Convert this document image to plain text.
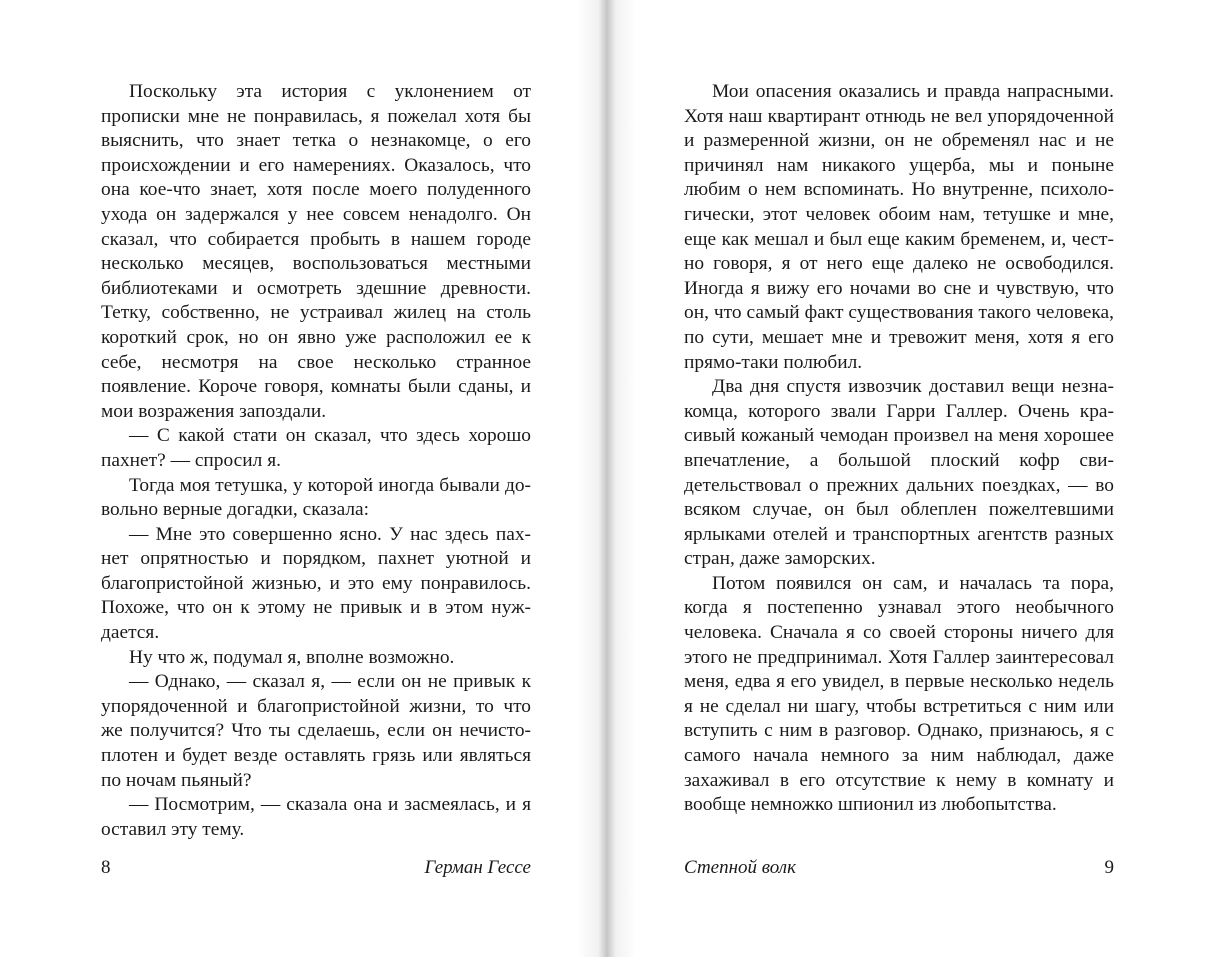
Поскольку эта история с уклонением от прописки мне не понравилась, я пожелал хотя бы выяснить, что знает тетка о незнакомце, о его происхождении и его намерениях. Оказалось, что она кое-что знает, хотя после моего полуденного ухода он задержался у нее совсем ненадолго. Он сказал, что собирается пробыть в нашем городе несколько месяцев, воспользоваться местными библиотеками и осмотреть здешние древности. Тетку, собственно, не устраивал жилец на столь короткий срок, но он явно уже расположил ее к себе, несмотря на свое несколько странное появление. Короче говоря, комнаты были сданы, и мои возражения запоздали.

— С какой стати он сказал, что здесь хорошо пахнет? — спросил я.

Тогда моя тетушка, у которой иногда бывали довольно верные догадки, сказала:

— Мне это совершенно ясно. У нас здесь пахнет опрятностью и порядком, пахнет уютной и благопристойной жизнью, и это ему понравилось. Похоже, что он к этому не привык и в этом нуждается.

Ну что ж, подумал я, вполне возможно.

— Однако, — сказал я, — если он не привык к упорядоченной и благопристойной жизни, то что же получится? Что ты сделаешь, если он нечистоплотен и будет везде оставлять грязь или являться по ночам пьяный?

— Посмотрим, — сказала она и засмеялась, и я оставил эту тему.

Мои опасения оказались и правда напрасными. Хотя наш квартирант отнюдь не вел упорядоченной и размеренной жизни, он не обременял нас и не причинял нам никакого ущерба, мы и поныне любим о нем вспоминать. Но внутренне, психологически, этот человек обоим нам, тетушке и мне, еще как мешал и был еще каким бременем, и, честно говоря, я от него еще далеко не освободился. Иногда я вижу его ночами во сне и чувствую, что он, что самый факт существования такого человека, по сути, мешает мне и тревожит меня, хотя я его прямо-таки полюбил.

Два дня спустя извозчик доставил вещи незнакомца, которого звали Гарри Галлер. Очень красивый кожаный чемодан произвел на меня хорошее впечатление, а большой плоский кофр свидетельствовал о прежних дальних поездках, — во всяком случае, он был облеплен пожелтевшими ярлыками отелей и транспортных агентств разных стран, даже заморских.

Потом появился он сам, и началась та пора, когда я постепенно узнавал этого необычного человека. Сначала я со своей стороны ничего для этого не предпринимал. Хотя Галлер заинтересовал меня, едва я его увидел, в первые несколько недель я не сделал ни шагу, чтобы встретиться с ним или вступить с ним в разговор. Однако, признаюсь, я с самого начала немного за ним наблюдал, даже захаживал в его отсутствие к нему в комнату и вообще немножко шпионил из любопытства.

8	Герман Гессе	Степной волк	9
